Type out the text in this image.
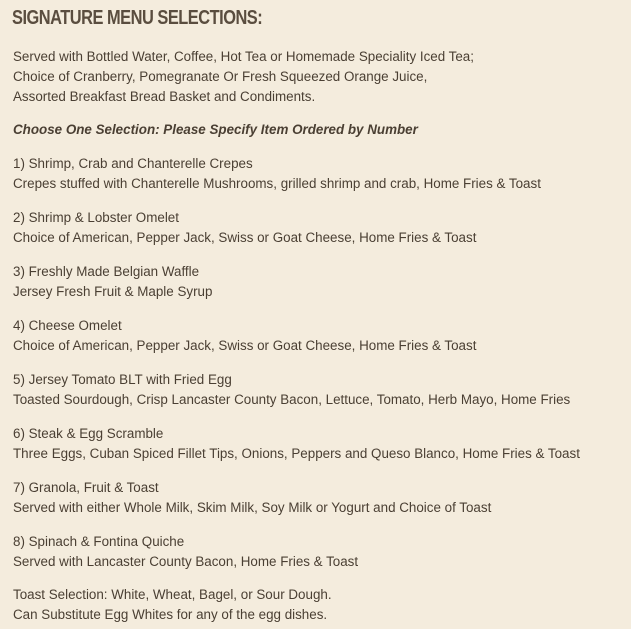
SIGNATURE MENU SELECTIONS:
Served with Bottled Water, Coffee, Hot Tea or Homemade Speciality Iced Tea;
Choice of Cranberry, Pomegranate Or Fresh Squeezed Orange Juice,
Assorted Breakfast Bread Basket and Condiments.
Choose One Selection: Please Specify Item Ordered by Number
1) Shrimp, Crab and Chanterelle Crepes
Crepes stuffed with Chanterelle Mushrooms, grilled shrimp and crab, Home Fries & Toast
2) Shrimp & Lobster Omelet
Choice of American, Pepper Jack, Swiss or Goat Cheese, Home Fries & Toast
3) Freshly Made Belgian Waffle
Jersey Fresh Fruit & Maple Syrup
4) Cheese Omelet
Choice of American, Pepper Jack, Swiss or Goat Cheese, Home Fries & Toast
5) Jersey Tomato BLT with Fried Egg
Toasted Sourdough, Crisp Lancaster County Bacon, Lettuce, Tomato, Herb Mayo, Home Fries
6) Steak & Egg Scramble
Three Eggs, Cuban Spiced Fillet Tips, Onions, Peppers and Queso Blanco, Home Fries & Toast
7) Granola, Fruit & Toast
Served with either Whole Milk, Skim Milk, Soy Milk or Yogurt and Choice of Toast
8) Spinach & Fontina Quiche
Served with Lancaster County Bacon, Home Fries & Toast
Toast Selection: White, Wheat, Bagel, or Sour Dough.
Can Substitute Egg Whites for any of the egg dishes.
